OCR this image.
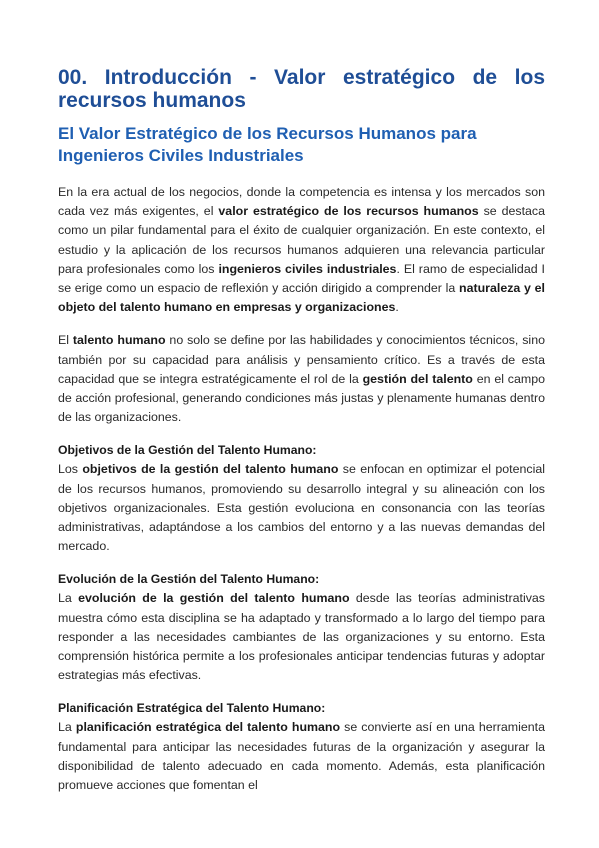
00. Introducción - Valor estratégico de los recursos humanos
El Valor Estratégico de los Recursos Humanos para Ingenieros Civiles Industriales

En la era actual de los negocios, donde la competencia es intensa y los mercados son cada vez más exigentes, el valor estratégico de los recursos humanos se destaca como un pilar fundamental para el éxito de cualquier organización. En este contexto, el estudio y la aplicación de los recursos humanos adquieren una relevancia particular para profesionales como los ingenieros civiles industriales. El ramo de especialidad I se erige como un espacio de reflexión y acción dirigido a comprender la naturaleza y el objeto del talento humano en empresas y organizaciones.

El talento humano no solo se define por las habilidades y conocimientos técnicos, sino también por su capacidad para análisis y pensamiento crítico. Es a través de esta capacidad que se integra estratégicamente el rol de la gestión del talento en el campo de acción profesional, generando condiciones más justas y plenamente humanas dentro de las organizaciones.

Objetivos de la Gestión del Talento Humano:

Los objetivos de la gestión del talento humano se enfocan en optimizar el potencial de los recursos humanos, promoviendo su desarrollo integral y su alineación con los objetivos organizacionales. Esta gestión evoluciona en consonancia con las teorías administrativas, adaptándose a los cambios del entorno y a las nuevas demandas del mercado.

Evolución de la Gestión del Talento Humano:

La evolución de la gestión del talento humano desde las teorías administrativas muestra cómo esta disciplina se ha adaptado y transformado a lo largo del tiempo para responder a las necesidades cambiantes de las organizaciones y su entorno. Esta comprensión histórica permite a los profesionales anticipar tendencias futuras y adoptar estrategias más efectivas.

Planificación Estratégica del Talento Humano:

La planificación estratégica del talento humano se convierte así en una herramienta fundamental para anticipar las necesidades futuras de la organización y asegurar la disponibilidad de talento adecuado en cada momento. Además, esta planificación promueve acciones que fomentan el
